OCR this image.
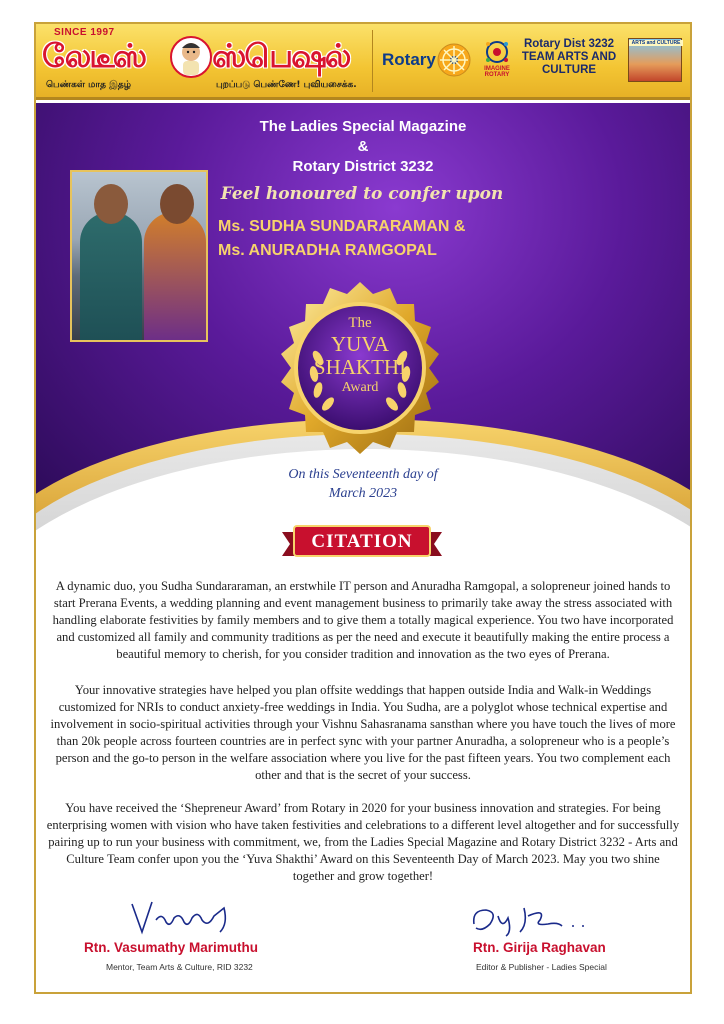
SINCE 1997
லேடீஸ் ஸ்பெஷல்
பெண்கள் மாத இதழ்	புறப்படு பெண்ணே! புவியசைக்க.
Rotary	IMAGINE ROTARY
Rotary Dist 3232
TEAM ARTS AND
CULTURE
ARTS and CULTURE
The Ladies Special Magazine
&
Rotary District 3232
Feel honoured to confer upon
Ms. SUDHA SUNDARARAMAN &
Ms. ANURADHA RAMGOPAL
The
YUVA
SHAKTHI
Award
On this Seventeenth day of
March 2023
CITATION
A dynamic duo, you Sudha Sundararaman, an erstwhile IT person and Anuradha Ramgopal, a solopreneur joined hands to start Prerana Events, a wedding planning and event management business to primarily take away the stress associated with handling elaborate festivities by family members and to give them a totally magical experience. You two have incorporated and customized all family and community traditions as per the need and execute it beautifully making the entire process a beautiful memory to cherish, for you consider tradition and innovation as the two eyes of Prerana.
Your innovative strategies have helped you plan offsite weddings that happen outside India and Walk-in Weddings customized for NRIs to conduct anxiety-free weddings in India. You Sudha, are a polyglot whose technical expertise and involvement in socio-spiritual activities through your Vishnu Sahasranama sansthan where you have touch the lives of more than 20k people across fourteen countries are in perfect sync with your partner Anuradha, a solopreneur who is a people’s person and the go-to person in the welfare association where you live for the past fifteen years. You two complement each other and that is the secret of your success.
You have received the ‘Shepreneur Award’ from Rotary in 2020 for your business innovation and strategies. For being enterprising women with vision who have taken festivities and celebrations to a different level altogether and for successfully pairing up to run your business with commitment, we, from the Ladies Special Magazine and Rotary District 3232 - Arts and Culture Team confer upon you the ‘Yuva Shakthi’ Award on this Seventeenth Day of March 2023. May you two shine together and grow together!
Rtn. Vasumathy Marimuthu
Mentor, Team Arts & Culture, RID 3232
Rtn. Girija Raghavan
Editor & Publisher - Ladies Special
